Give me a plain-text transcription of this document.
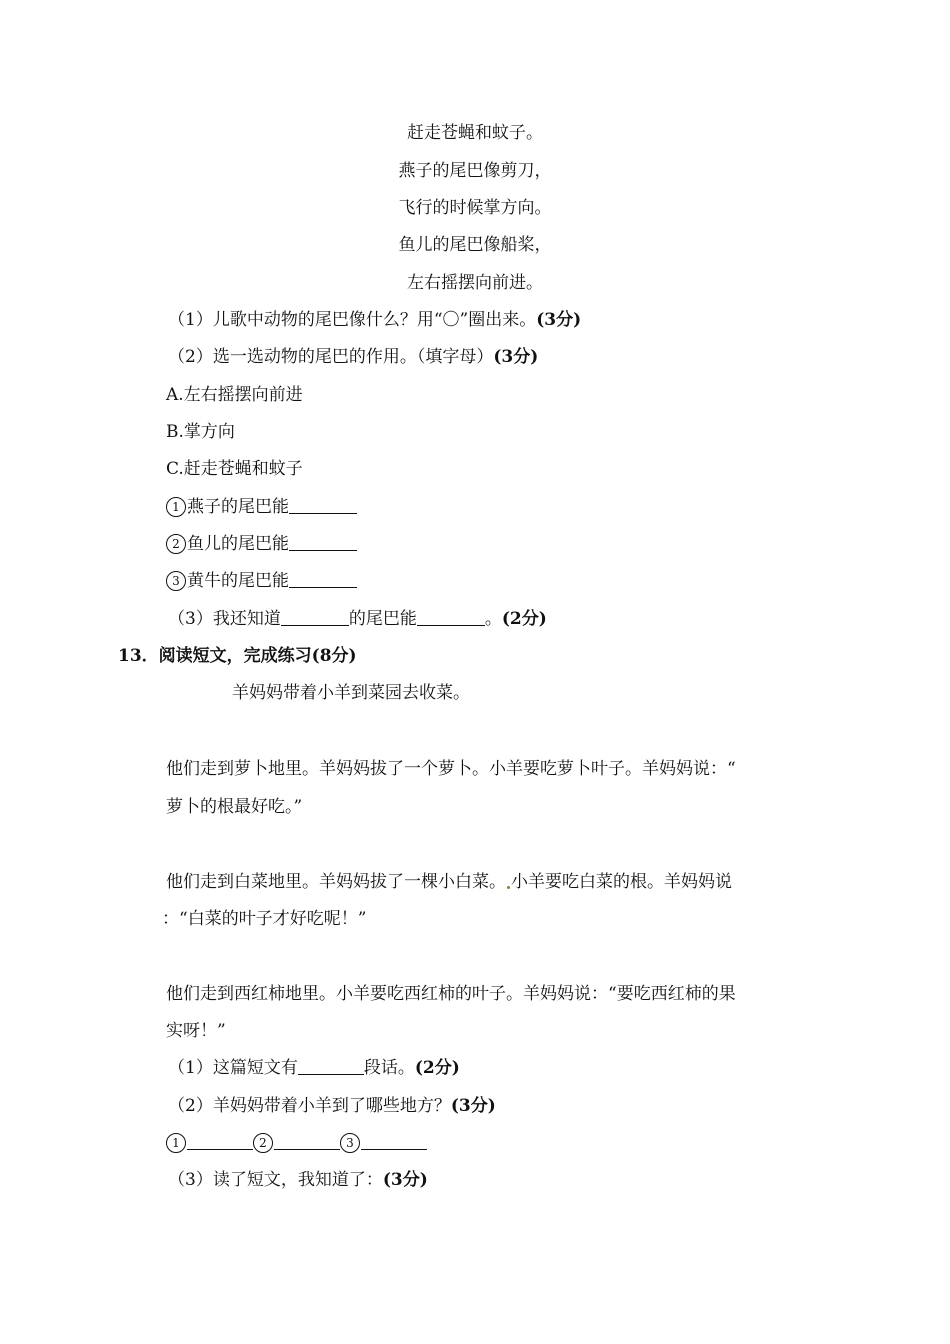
赶走苍蝇和蚊子。
燕子的尾巴像剪刀，
飞行的时候掌方向。
鱼儿的尾巴像船桨，
左右摇摆向前进。
（1）儿歌中动物的尾巴像什么？用“〇”圈出来。(3分)
（2）选一选动物的尾巴的作用。（填字母）(3分)
A.左右摇摆向前进
B.掌方向
C.赶走苍蝇和蚊子
1 燕子的尾巴能
2 鱼儿的尾巴能
3 黄牛的尾巴能
（3）我还知道	的尾巴能	。(2分)
13．阅读短文，完成练习(8分)
羊妈妈带着小羊到菜园去收菜。
他们走到萝卜地里。羊妈妈拔了一个萝卜。小羊要吃萝卜叶子。羊妈妈说：“
萝卜的根最好吃。”
他们走到白菜地里。羊妈妈拔了一棵小白菜。 小羊要吃白菜的根。羊妈妈说
：“白菜的叶子才好吃呢！”
他们走到西红柿地里。小羊要吃西红柿的叶子。羊妈妈说：“要吃西红柿的果
实呀！”
（1）这篇短文有	段话。(2分)
（2）羊妈妈带着小羊到了哪些地方？(3分)
1	2	3
（3）读了短文，我知道了：(3分)
